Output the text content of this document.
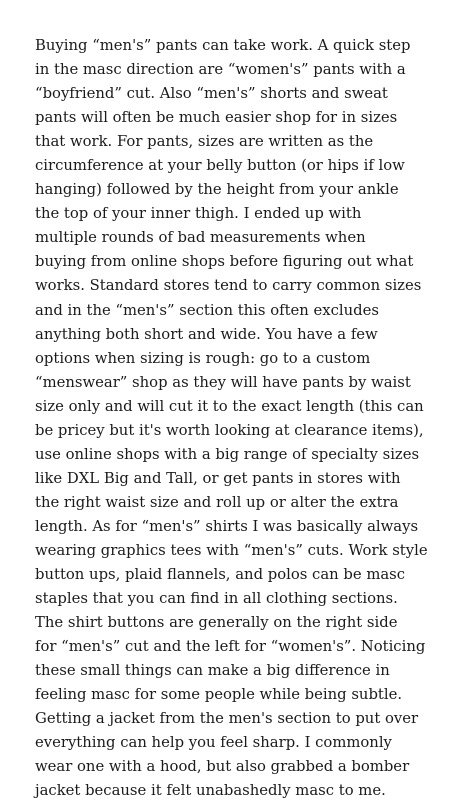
Buying “men's” pants can take work. A quick step
in the masc direction are “women's” pants with a
“boyfriend” cut. Also “men's” shorts and sweat
pants will often be much easier shop for in sizes
that work. For pants, sizes are written as the
circumference at your belly button (or hips if low
hanging) followed by the height from your ankle
the top of your inner thigh. I ended up with
multiple rounds of bad measurements when
buying from online shops before figuring out what
works. Standard stores tend to carry common sizes
and in the “men's” section this often excludes
anything both short and wide. You have a few
options when sizing is rough: go to a custom
“menswear” shop as they will have pants by waist
size only and will cut it to the exact length (this can
be pricey but it's worth looking at clearance items),
use online shops with a big range of specialty sizes
like DXL Big and Tall, or get pants in stores with
the right waist size and roll up or alter the extra
length. As for “men's” shirts I was basically always
wearing graphics tees with “men's” cuts. Work style
button ups, plaid flannels, and polos can be masc
staples that you can find in all clothing sections.
The shirt buttons are generally on the right side
for “men's” cut and the left for “women's”. Noticing
these small things can make a big difference in
feeling masc for some people while being subtle.
Getting a jacket from the men's section to put over
everything can help you feel sharp. I commonly
wear one with a hood, but also grabbed a bomber
jacket because it felt unabashedly masc to me.
